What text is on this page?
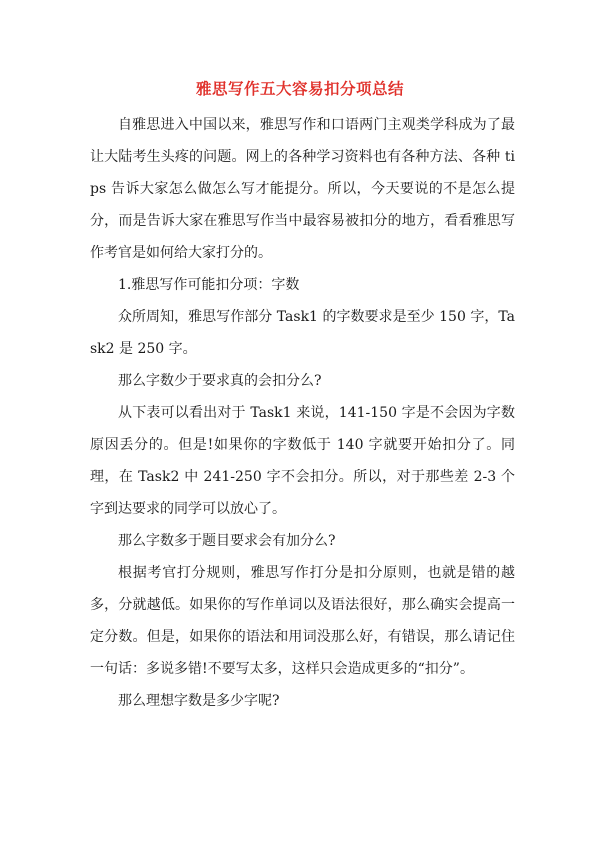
雅思写作五大容易扣分项总结

自雅思进入中国以来，雅思写作和口语两门主观类学科成为了最让大陆考生头疼的问题。网上的各种学习资料也有各种方法、各种 tips 告诉大家怎么做怎么写才能提分。所以，今天要说的不是怎么提分，而是告诉大家在雅思写作当中最容易被扣分的地方，看看雅思写作考官是如何给大家打分的。

1.雅思写作可能扣分项：字数

众所周知，雅思写作部分 Task1 的字数要求是至少 150 字，Task2 是 250 字。

那么字数少于要求真的会扣分么?

从下表可以看出对于 Task1 来说，141-150 字是不会因为字数原因丢分的。但是!如果你的字数低于 140 字就要开始扣分了。同理，在 Task2 中 241-250 字不会扣分。所以，对于那些差 2-3 个字到达要求的同学可以放心了。

那么字数多于题目要求会有加分么?

根据考官打分规则，雅思写作打分是扣分原则，也就是错的越多，分就越低。如果你的写作单词以及语法很好，那么确实会提高一定分数。但是，如果你的语法和用词没那么好，有错误，那么请记住一句话：多说多错!不要写太多，这样只会造成更多的“扣分”。

那么理想字数是多少字呢?
